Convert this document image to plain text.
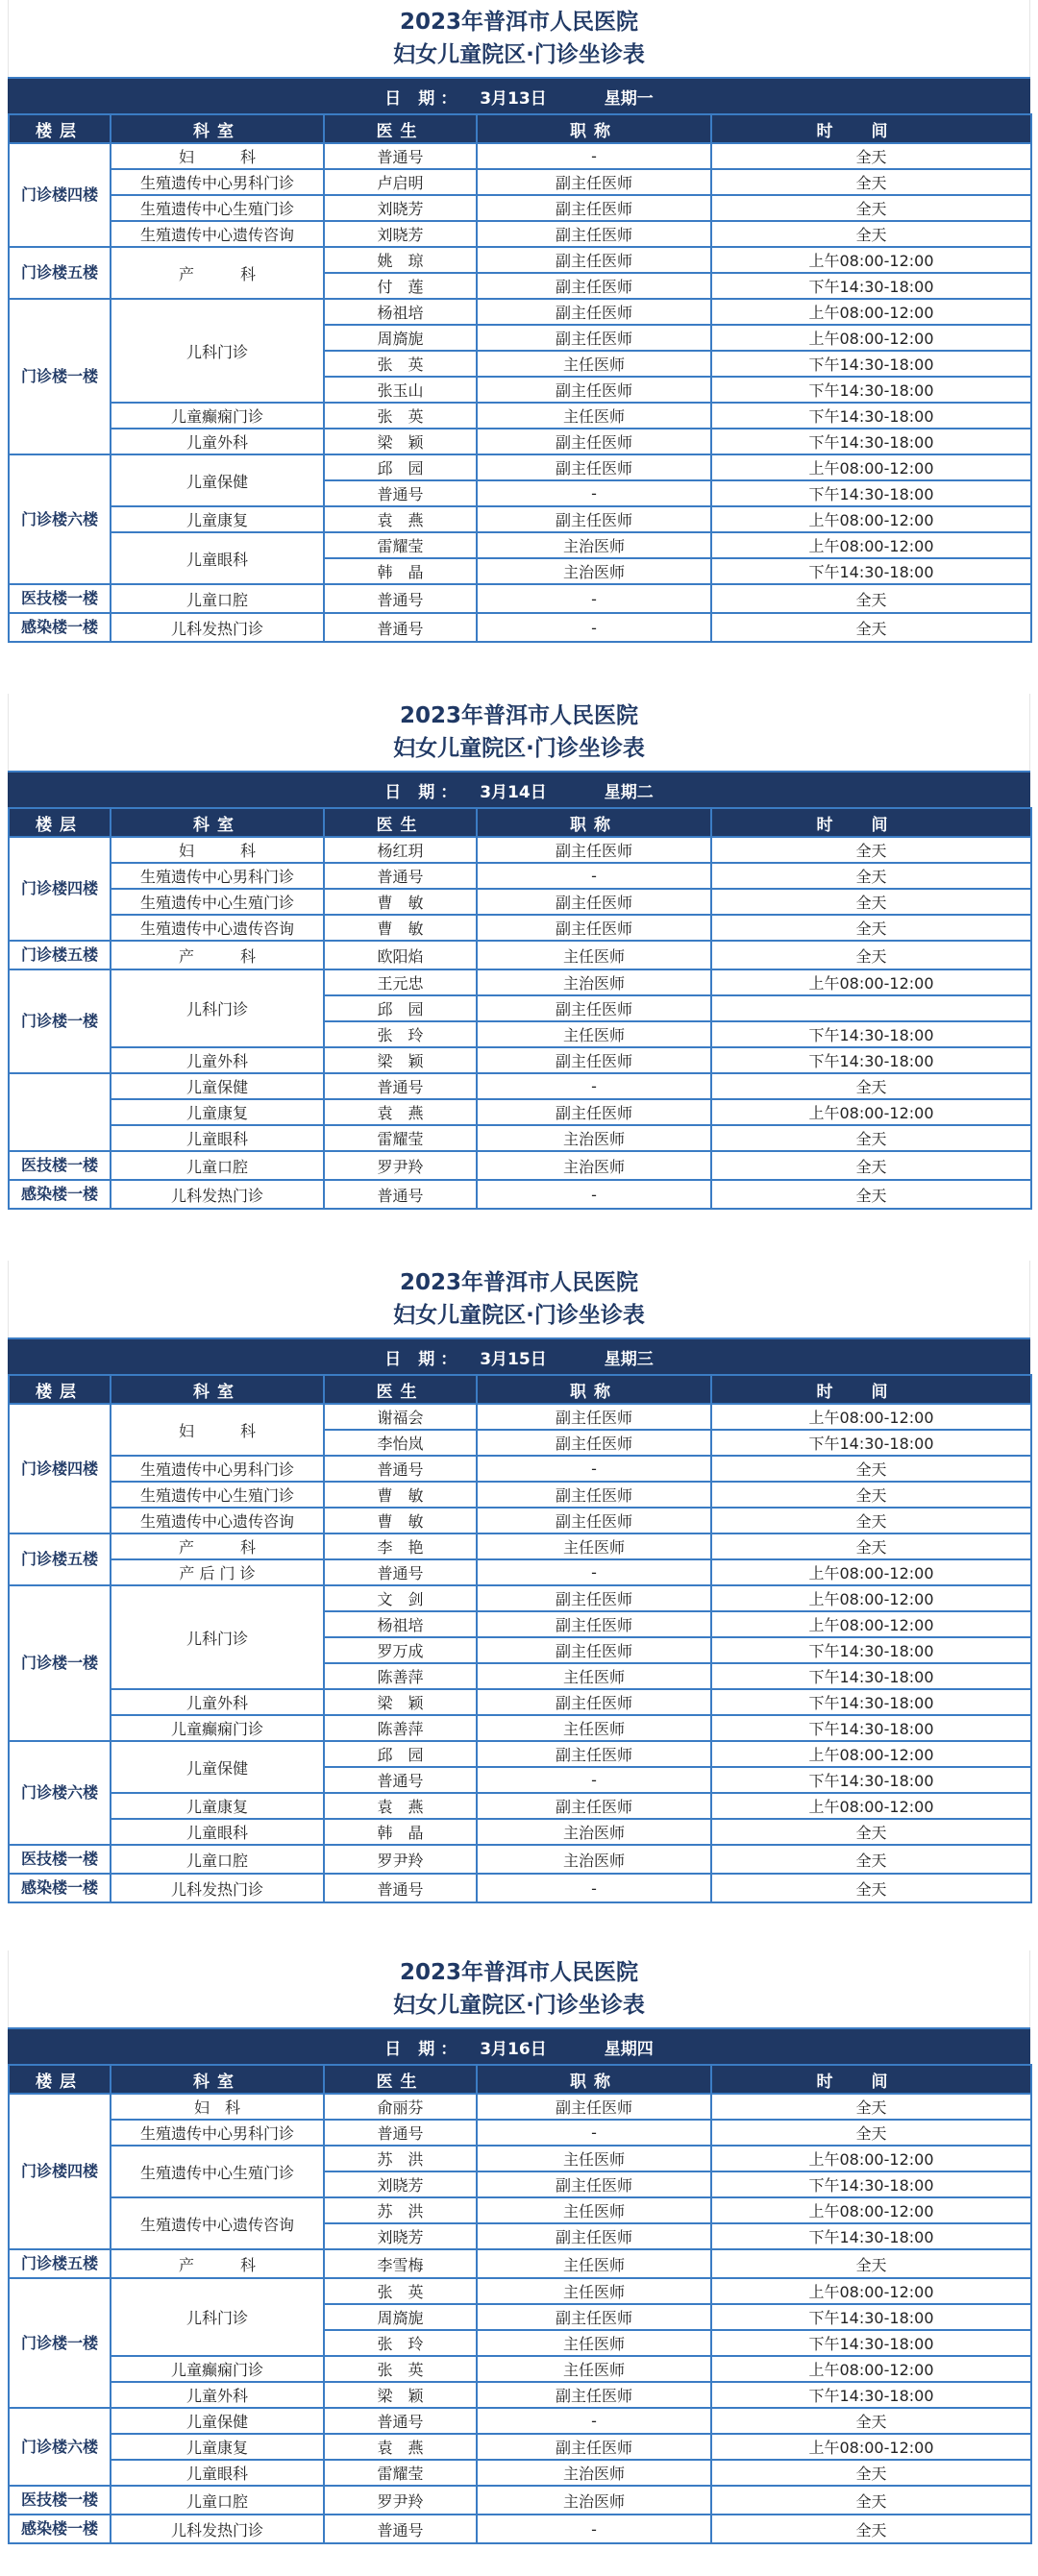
2023年普洱市人民医院
妇女儿童院区·门诊坐诊表
日 期： 3月13日	星期一
楼层	科室	医生	职称	时间
门诊楼四楼	妇　　　科	普通号	-	全天
	生殖遗传中心男科门诊	卢启明	副主任医师	全天
	生殖遗传中心生殖门诊	刘晓芳	副主任医师	全天
	生殖遗传中心遗传咨询	刘晓芳	副主任医师	全天
门诊楼五楼	产　　　科	姚　琼	副主任医师	上午08:00-12:00
		付　莲	副主任医师	下午14:30-18:00
门诊楼一楼	儿科门诊	杨祖培	副主任医师	上午08:00-12:00
		周旖旎	副主任医师	上午08:00-12:00
		张　英	主任医师	下午14:30-18:00
		张玉山	副主任医师	下午14:30-18:00
	儿童癫痫门诊	张　英	主任医师	下午14:30-18:00
	儿童外科	梁　颖	副主任医师	下午14:30-18:00
门诊楼六楼	儿童保健	邱　园	副主任医师	上午08:00-12:00
		普通号	-	下午14:30-18:00
	儿童康复	袁　燕	副主任医师	上午08:00-12:00
	儿童眼科	雷耀莹	主治医师	上午08:00-12:00
		韩　晶	主治医师	下午14:30-18:00
医技楼一楼	儿童口腔	普通号	-	全天
感染楼一楼	儿科发热门诊	普通号	-	全天
2023年普洱市人民医院
妇女儿童院区·门诊坐诊表
日 期： 3月14日	星期二
楼层	科室	医生	职称	时间
门诊楼四楼	妇　　　科	杨红玥	副主任医师	全天
	生殖遗传中心男科门诊	普通号	-	全天
	生殖遗传中心生殖门诊	曹　敏	副主任医师	全天
	生殖遗传中心遗传咨询	曹　敏	副主任医师	全天
门诊楼五楼	产　　　科	欧阳焰	主任医师	全天
门诊楼一楼	儿科门诊	王元忠	主治医师	上午08:00-12:00
		邱　园	副主任医师	
		张　玲	主任医师	下午14:30-18:00
	儿童外科	梁　颖	副主任医师	下午14:30-18:00
	儿童保健	普通号	-	全天
	儿童康复	袁　燕	副主任医师	上午08:00-12:00
	儿童眼科	雷耀莹	主治医师	全天
医技楼一楼	儿童口腔	罗尹羚	主治医师	全天
感染楼一楼	儿科发热门诊	普通号	-	全天
2023年普洱市人民医院
妇女儿童院区·门诊坐诊表
日 期： 3月15日	星期三
楼层	科室	医生	职称	时间
门诊楼四楼	妇　　　科	谢福会	副主任医师	上午08:00-12:00
		李怡岚	副主任医师	下午14:30-18:00
	生殖遗传中心男科门诊	普通号	-	全天
	生殖遗传中心生殖门诊	曹　敏	副主任医师	全天
	生殖遗传中心遗传咨询	曹　敏	副主任医师	全天
门诊楼五楼	产　　　科	李　艳	主任医师	全天
	产 后 门 诊	普通号	-	上午08:00-12:00
门诊楼一楼	儿科门诊	文　剑	副主任医师	上午08:00-12:00
		杨祖培	副主任医师	上午08:00-12:00
		罗万成	副主任医师	下午14:30-18:00
		陈善萍	主任医师	下午14:30-18:00
	儿童外科	梁　颖	副主任医师	下午14:30-18:00
	儿童癫痫门诊	陈善萍	主任医师	下午14:30-18:00
门诊楼六楼	儿童保健	邱　园	副主任医师	上午08:00-12:00
		普通号	-	下午14:30-18:00
	儿童康复	袁　燕	副主任医师	上午08:00-12:00
	儿童眼科	韩　晶	主治医师	全天
医技楼一楼	儿童口腔	罗尹羚	主治医师	全天
感染楼一楼	儿科发热门诊	普通号	-	全天
2023年普洱市人民医院
妇女儿童院区·门诊坐诊表
日 期： 3月16日	星期四
楼层	科室	医生	职称	时间
门诊楼四楼	妇　科	俞丽芬	副主任医师	全天
	生殖遗传中心男科门诊	普通号	-	全天
	生殖遗传中心生殖门诊	苏　洪	主任医师	上午08:00-12:00
		刘晓芳	副主任医师	下午14:30-18:00
	生殖遗传中心遗传咨询	苏　洪	主任医师	上午08:00-12:00
		刘晓芳	副主任医师	下午14:30-18:00
门诊楼五楼	产　　　科	李雪梅	主任医师	全天
门诊楼一楼	儿科门诊	张　英	主任医师	上午08:00-12:00
		周旖旎	副主任医师	下午14:30-18:00
		张　玲	主任医师	下午14:30-18:00
	儿童癫痫门诊	张　英	主任医师	上午08:00-12:00
	儿童外科	梁　颖	副主任医师	下午14:30-18:00
门诊楼六楼	儿童保健	普通号	-	全天
	儿童康复	袁　燕	副主任医师	上午08:00-12:00
	儿童眼科	雷耀莹	主治医师	全天
医技楼一楼	儿童口腔	罗尹羚	主治医师	全天
感染楼一楼	儿科发热门诊	普通号	-	全天
